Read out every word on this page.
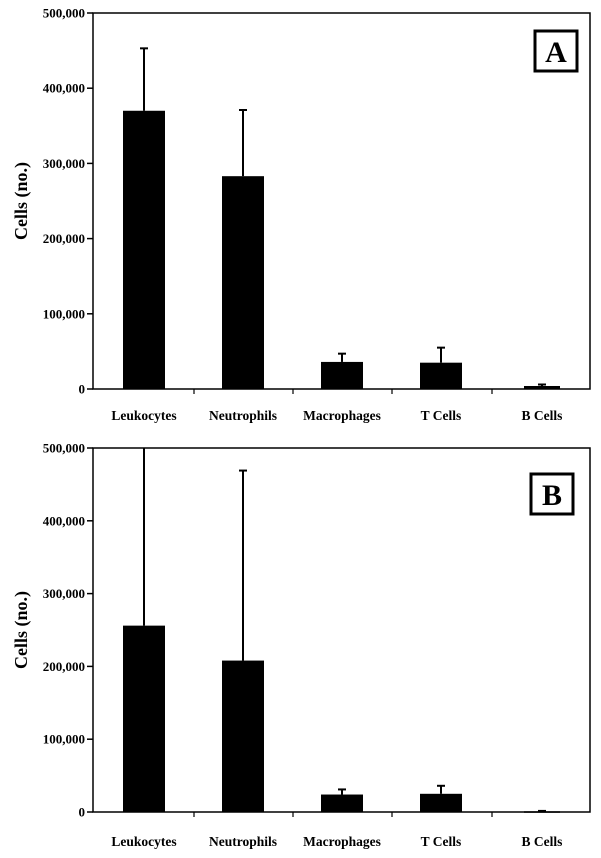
0
100,000
200,000
300,000
400,000
500,000
Leukocytes Neutrophils Macrophages	T Cells	B Cells
Cells (no.)
A
0
100,000
200,000
300,000
400,000
500,000
Leukocytes Neutrophils Macrophages	T Cells	B Cells
Cells (no.)
B
